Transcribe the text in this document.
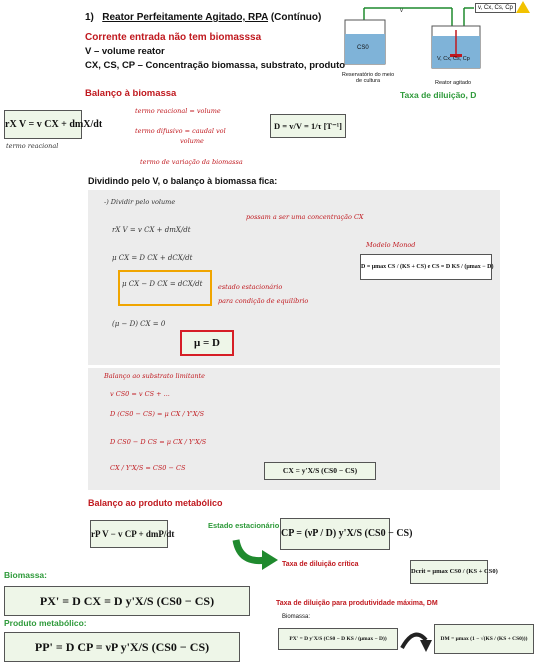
1) Reator Perfeitamente Agitado, RPA (Contínuo)
Corrente entrada não tem biomasssa
V – volume reator
CX, CS, CP – Concentração biomassa, substrato, produto
v	v, Cx, Cs, Cp
CS0
V, Cx, Cs, Cp
Reservatório do meio de cultura	Reator agitado
Taxa de diluição, D
Balanço à biomassa
rX V = v CX + dmX/dt
termo reacional
termo reacional = volume
termo difusivo = caudal vol
volume
termo de variação da biomassa
D = v/V = 1/τ [T⁻¹]
Dividindo pelo V, o balanço à biomassa fica:
-) Dividir pelo volume
rX V = v CX + dmX/dt
μ CX = D CX + dCX/dt
μ CX − D CX = dCX/dt
(μ − D) CX = 0
possam a ser uma concentração CX
estado estacionário
para condição de equilíbrio
Modelo Monod
D = μmax CS / (KS + CS) e CS = D KS / (μmax − D)
μ = D
Balanço ao substrato limitante
v CS0 = v CS + ...
D (CS0 − CS) = μ CX / Y'X/S
D CS0 − D CS = μ CX / Y'X/S
CX / Y'X/S = CS0 − CS	CX = y'X/S (CS0 − CS)
Balanço ao produto metabólico
rP V − v CP + dmP/dt
Estado estacionário
CP = (νP / D) y'X/S (CS0 − CS)
Taxa de diluição crítica
Dcrit = μmax CS0 / (KS + CS0)
Biomassa:
PX' = D CX = D y'X/S (CS0 − CS)
Produto metabólico:
PP' = D CP = νP y'X/S (CS0 − CS)
Taxa de diluição para produtividade máxima, DM
Biomassa:
PX' = D y'X/S (CS0 − D KS / (μmax − D))	DM = μmax (1 − √(KS / (KS + CS0)))
